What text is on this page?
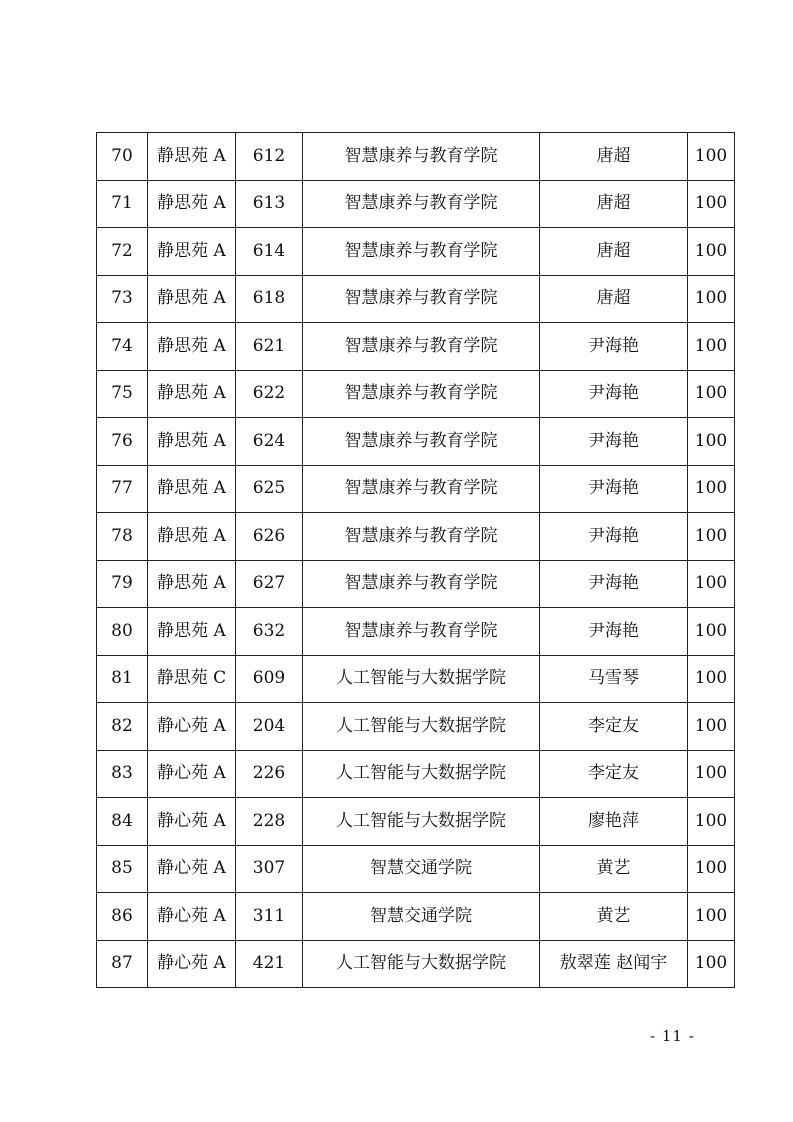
70	静思苑 A	612	智慧康养与教育学院	唐超	100
71	静思苑 A	613	智慧康养与教育学院	唐超	100
72	静思苑 A	614	智慧康养与教育学院	唐超	100
73	静思苑 A	618	智慧康养与教育学院	唐超	100
74	静思苑 A	621	智慧康养与教育学院	尹海艳	100
75	静思苑 A	622	智慧康养与教育学院	尹海艳	100
76	静思苑 A	624	智慧康养与教育学院	尹海艳	100
77	静思苑 A	625	智慧康养与教育学院	尹海艳	100
78	静思苑 A	626	智慧康养与教育学院	尹海艳	100
79	静思苑 A	627	智慧康养与教育学院	尹海艳	100
80	静思苑 A	632	智慧康养与教育学院	尹海艳	100
81	静思苑 C	609	人工智能与大数据学院	马雪琴	100
82	静心苑 A	204	人工智能与大数据学院	李定友	100
83	静心苑 A	226	人工智能与大数据学院	李定友	100
84	静心苑 A	228	人工智能与大数据学院	廖艳萍	100
85	静心苑 A	307	智慧交通学院	黄艺	100
86	静心苑 A	311	智慧交通学院	黄艺	100
87	静心苑 A	421	人工智能与大数据学院	敖翠莲 赵闻宇	100
- 11 -
